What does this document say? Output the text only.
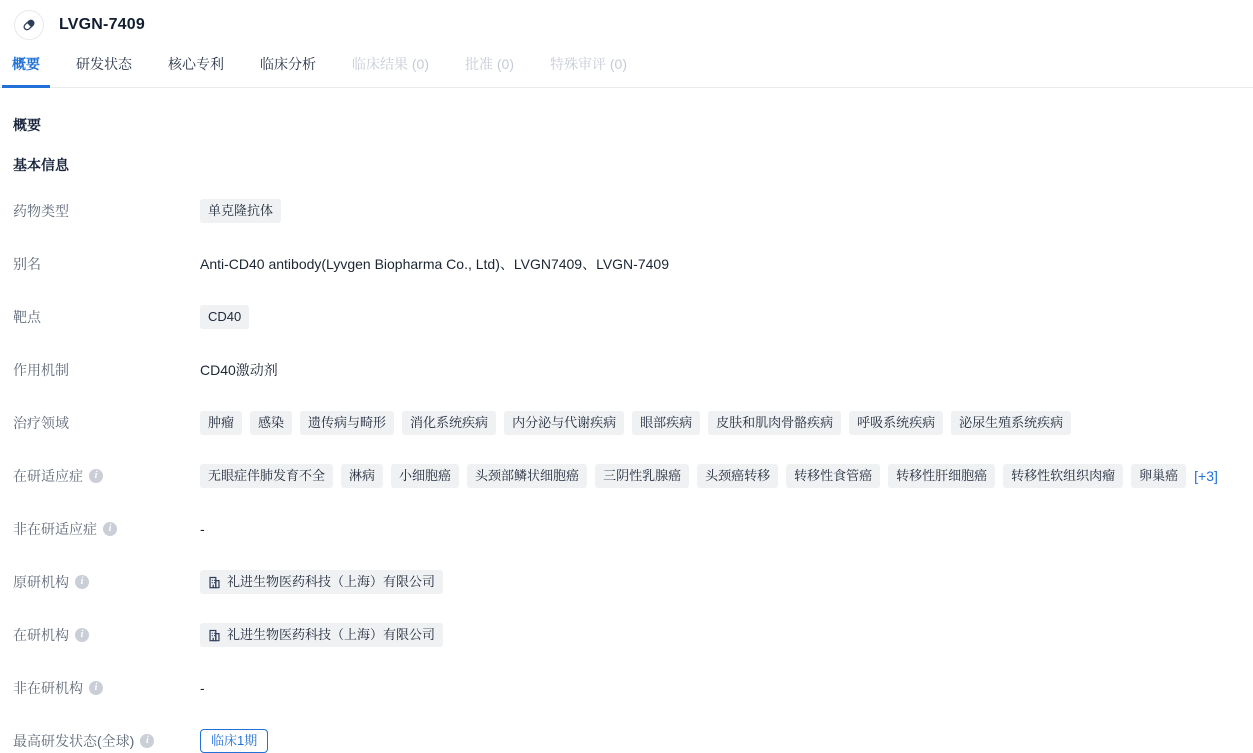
LVGN-7409
概要	研发状态	核心专利	临床分析	临床结果 (0)	批准 (0)	特殊审评 (0)
概要
基本信息
药物类型	单克隆抗体
别名	Anti-CD40 antibody(Lyvgen Biopharma Co., Ltd)、LVGN7409、LVGN-7409
靶点	CD40
作用机制	CD40激动剂
治疗领域	肿瘤	感染	遗传病与畸形	消化系统疾病	内分泌与代谢疾病	眼部疾病	皮肤和肌肉骨骼疾病	呼吸系统疾病	泌尿生殖系统疾病
在研适应症	i	无眼症伴肺发育不全	淋病	小细胞癌	头颈部鳞状细胞癌	三阴性乳腺癌	头颈癌转移	转移性食管癌	转移性肝细胞癌	转移性软组织肉瘤	卵巢癌	[+3]
非在研适应症	i	-
原研机构	i	礼进生物医药科技（上海）有限公司
在研机构	i	礼进生物医药科技（上海）有限公司
非在研机构	i	-
最高研发状态(全球)	i	临床1期
